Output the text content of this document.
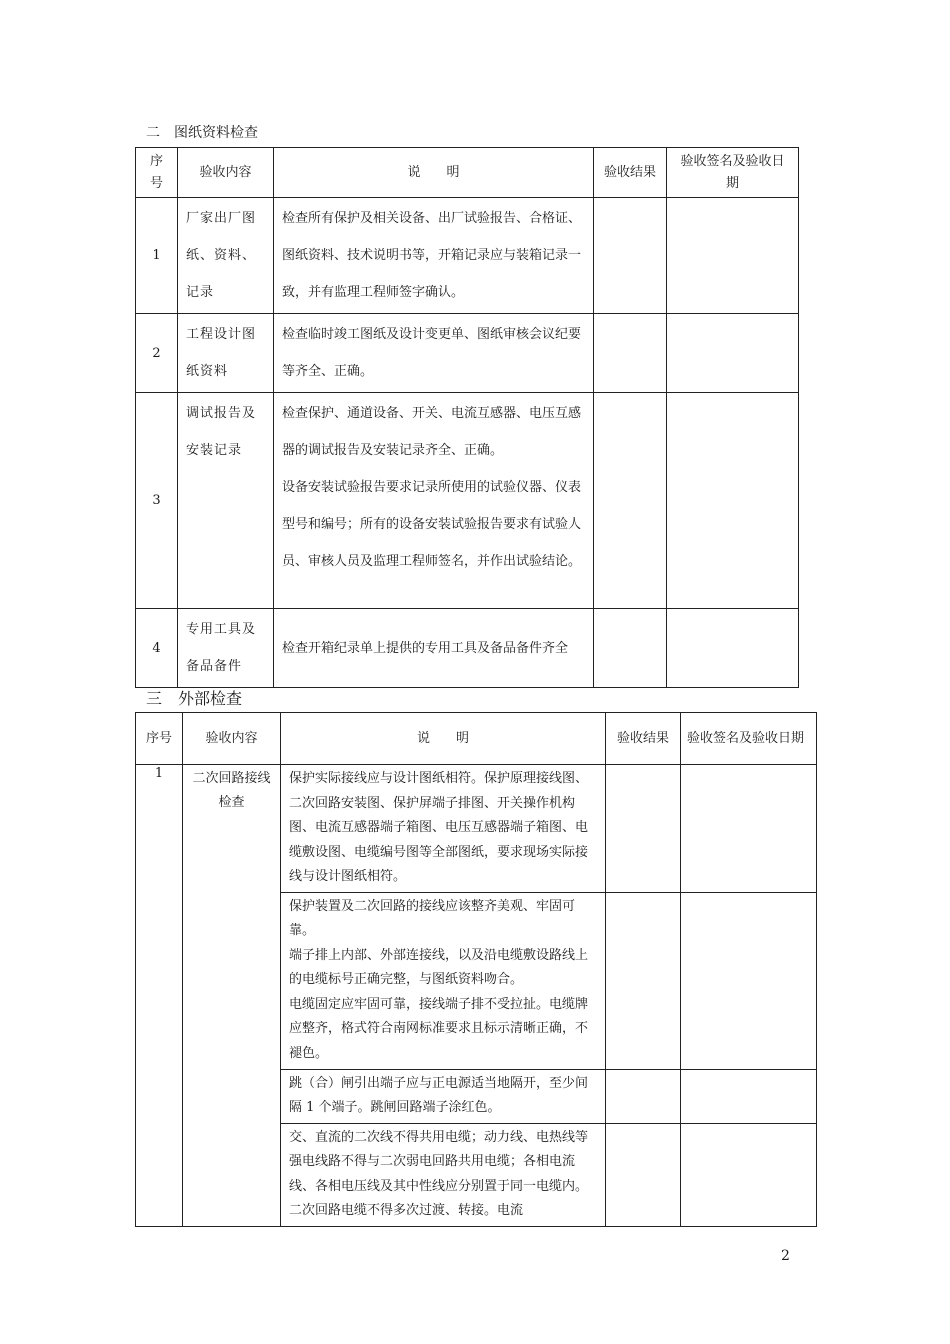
二　图纸资料检查
序号	验收内容	说　　明	验收结果	验收签名及验收日期
1	厂家出厂图纸、资料、记录	检查所有保护及相关设备、出厂试验报告、合格证、图纸资料、技术说明书等，开箱记录应与装箱记录一致，并有监理工程师签字确认。		
2	工程设计图纸资料	检查临时竣工图纸及设计变更单、图纸审核会议纪要等齐全、正确。		
3	调试报告及安装记录	检查保护、通道设备、开关、电流互感器、电压互感器的调试报告及安装记录齐全、正确。
设备安装试验报告要求记录所使用的试验仪器、仪表型号和编号；所有的设备安装试验报告要求有试验人员、审核人员及监理工程师签名，并作出试验结论。		

4	专用工具及备品备件	检查开箱纪录单上提供的专用工具及备品备件齐全		
三　外部检查
序号	验收内容	说　　明	验收结果	验收签名及验收日期
1	二次回路接线检查	保护实际接线应与设计图纸相符。保护原理接线图、二次回路安装图、保护屏端子排图、开关操作机构图、电流互感器端子箱图、电压互感器端子箱图、电缆敷设图、电缆编号图等全部图纸，要求现场实际接线与设计图纸相符。		

		保护装置及二次回路的接线应该整齐美观、牢固可靠。
端子排上内部、外部连接线，以及沿电缆敷设路线上的电缆标号正确完整，与图纸资料吻合。
电缆固定应牢固可靠，接线端子排不受拉扯。电缆牌应整齐，格式符合南网标准要求且标示清晰正确，不褪色。		

		跳（合）闸引出端子应与正电源适当地隔开，至少间隔 1 个端子。跳闸回路端子涂红色。		

		交、直流的二次线不得共用电缆；动力线、电热线等强电线路不得与二次弱电回路共用电缆；各相电流线、各相电压线及其中性线应分别置于同一电缆内。二次回路电缆不得多次过渡、转接。电流		

2
